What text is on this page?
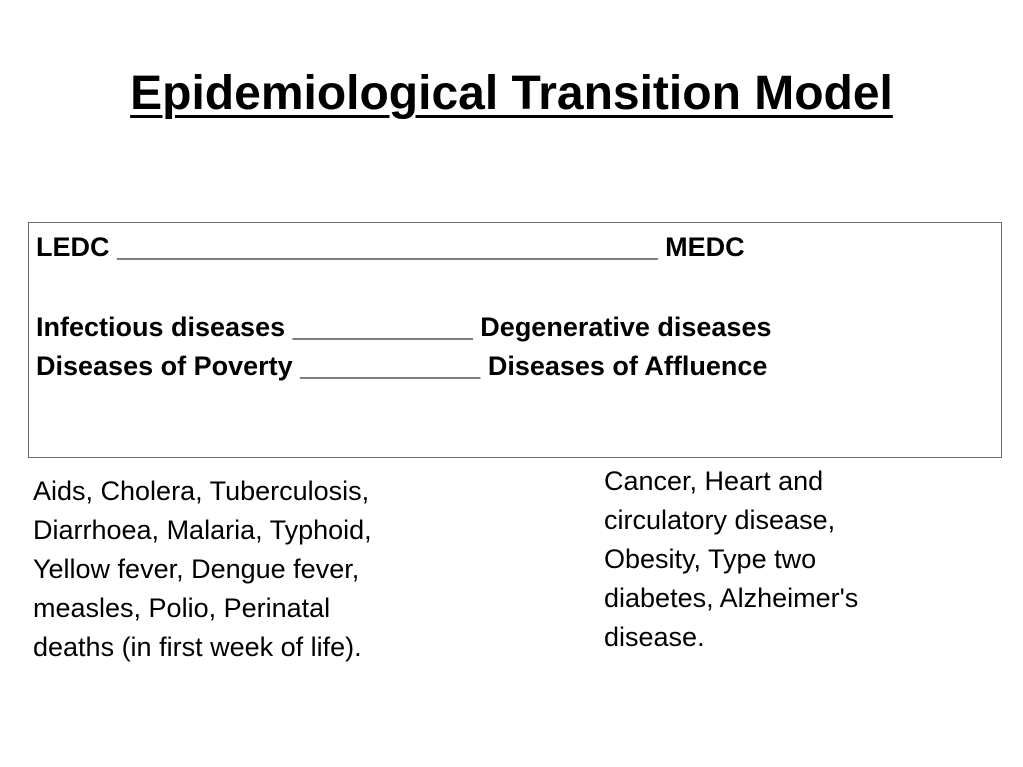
Epidemiological Transition Model

LEDC ____________________________________ MEDC

Infectious diseases ____________ Degenerative diseases

Diseases of Poverty ____________ Diseases of Affluence

Aids, Cholera, Tuberculosis,
Diarrhoea, Malaria, Typhoid,
Yellow fever, Dengue fever,
measles, Polio, Perinatal
deaths (in first week of life).
Cancer, Heart and
circulatory disease,
Obesity, Type two
diabetes, Alzheimer's
disease.
